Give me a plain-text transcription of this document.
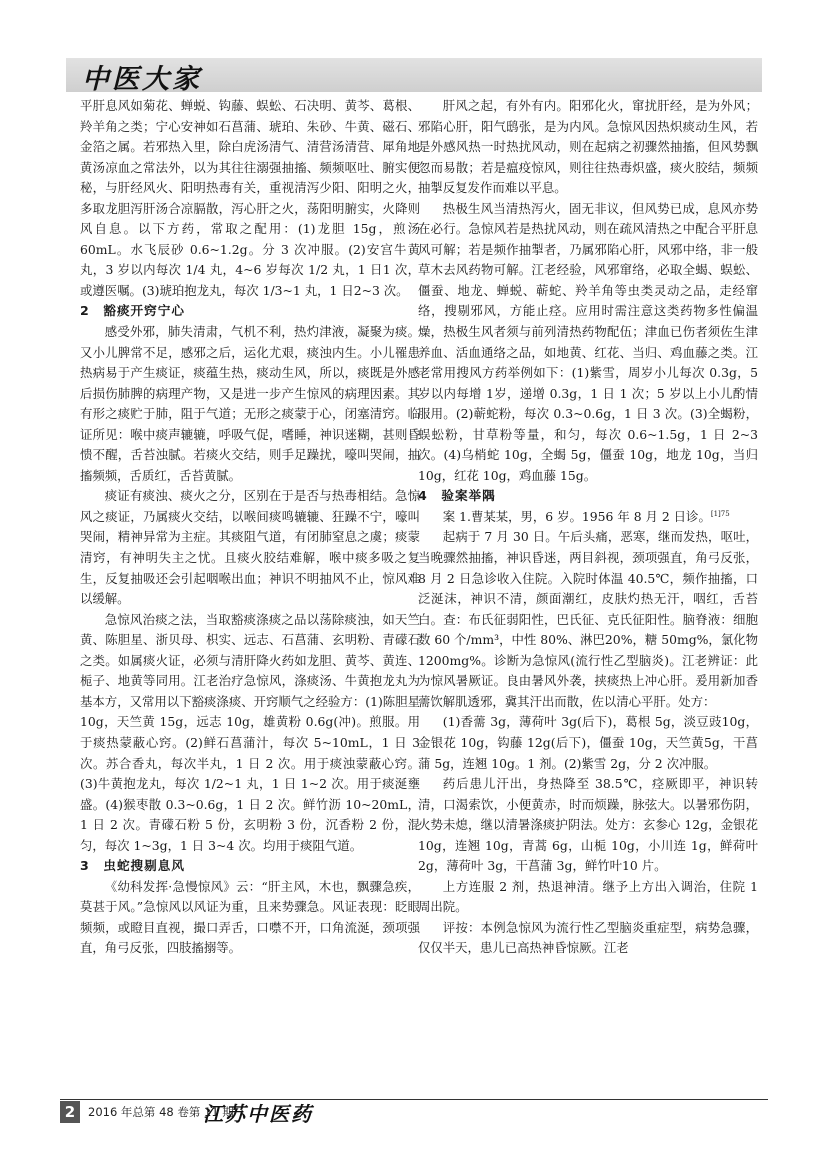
中医大家

平肝息风如菊花、蝉蜕、钩藤、蜈蚣、石决明、黄芩、葛根、羚羊角之类；宁心安神如石菖蒲、琥珀、朱砂、牛黄、磁石、金箔之属。若邪热入里，除白虎汤清气、清营汤清营、犀角地黄汤凉血之常法外，以为其往往溺强抽搐、频频呕吐、腑实便秘，与肝经风火、阳明热毒有关，重视清泻少阳、阳明之火，多取龙胆泻肝汤合凉膈散，泻心肝之火，荡阳明腑实，火降则风自息。以下方药，常取之配用：(1)龙胆 15g，煎汤60mL。水飞辰砂 0.6~1.2g。分 3 次冲服。(2)安宫牛黄丸，3 岁以内每次 1/4 丸，4~6 岁每次 1/2 丸，1 日1 次，或遵医嘱。(3)琥珀抱龙丸，每次 1/3~1 丸，1 日2~3 次。

2　豁痰开窍宁心

感受外邪，肺失清肃，气机不利，热灼津液，凝聚为痰。又小儿脾常不足，感邪之后，运化尤艰，痰浊内生。小儿罹患热病易于产生痰证，痰蕴生热，痰动生风，所以，痰既是外感后损伤肺脾的病理产物，又是进一步产生惊风的病理因素。其有形之痰贮于肺，阻于气道；无形之痰蒙于心，闭塞清窍。临证所见：喉中痰声辘辘，呼吸气促，嗜睡，神识迷糊，甚则昏愦不醒，舌苔浊腻。若痰火交结，则手足躁扰，嚎叫哭闹，抽搐频频，舌质红，舌苔黄腻。

痰证有痰浊、痰火之分，区别在于是否与热毒相结。急惊风之痰证，乃属痰火交结，以喉间痰鸣辘辘、狂躁不宁，嚎叫哭闹，精神异常为主症。其痰阻气道，有闭肺窒息之虞；痰蒙清窍，有神明失主之忧。且痰火胶结难解，喉中痰多吸之复生，反复抽吸还会引起咽喉出血；神识不明抽风不止，惊风难以缓解。

急惊风治痰之法，当取豁痰涤痰之品以荡除痰浊，如天竺黄、陈胆星、浙贝母、枳实、远志、石菖蒲、玄明粉、青礞石之类。如属痰火证，必须与清肝降火药如龙胆、黄芩、黄连、栀子、地黄等同用。江老治疗急惊风，涤痰汤、牛黄抱龙丸为基本方，又常用以下豁痰涤痰、开窍顺气之经验方：(1)陈胆星 10g，天竺黄 15g，远志 10g，雄黄粉 0.6g(冲)。煎服。用于痰热蒙蔽心窍。(2)鲜石菖蒲汁，每次 5~10mL，1 日 3 次。苏合香丸，每次半丸，1 日 2 次。用于痰浊蒙蔽心窍。(3)牛黄抱龙丸，每次 1/2~1 丸，1 日 1~2 次。用于痰涎壅盛。(4)猴枣散 0.3~0.6g，1 日 2 次。鲜竹沥 10~20mL，1 日 2 次。青礞石粉 5 份，玄明粉 3 份，沉香粉 2 份，混匀，每次 1~3g，1 日 3~4 次。均用于痰阻气道。

3　虫蛇搜剔息风

《幼科发挥·急慢惊风》云：“肝主风，木也，飘骤急疾，莫甚于风。”急惊风以风证为重，且来势骤急。风证表现：眨眼频频，或瞪目直视，撮口弄舌，口噤不开，口角流涎，颈项强直，角弓反张，四肢搐搦等。

肝风之起，有外有内。阳邪化火，窜扰肝经，是为外风；邪陷心肝，阳气鸱张，是为内风。急惊风因热炽痰动生风，若是外感风热一时热扰风动，则在起病之初骤然抽搐，但风势飘忽而易散；若是瘟疫惊风，则往往热毒炽盛，痰火胶结，频频抽掣反复发作而难以平息。

热极生风当清热泻火，固无非议，但风势已成，息风亦势在必行。急惊风若是热扰风动，则在疏风清热之中配合平肝息风可解；若是频作抽掣者，乃属邪陷心肝，风邪中络，非一般草木去风药物可解。江老经验，风邪窜络，必取全蝎、蜈蚣、僵蚕、地龙、蝉蜕、蕲蛇、羚羊角等虫类灵动之品，走经窜络，搜剔邪风，方能止痉。应用时需注意这类药物多性偏温燥，热极生风者须与前列清热药物配伍；津血已伤者须佐生津养血、活血通络之品，如地黄、红花、当归、鸡血藤之类。江老常用搜风方药举例如下：(1)紫雪，周岁小儿每次 0.3g，5 岁以内每增 1岁，递增 0.3g，1 日 1 次；5 岁以上小儿酌情服用。(2)蕲蛇粉，每次 0.3~0.6g，1 日 3 次。(3)全蝎粉，蜈蚣粉，甘草粉等量，和匀，每次 0.6~1.5g，1 日 2~3 次。(4)乌梢蛇 10g，全蝎 5g，僵蚕 10g，地龙 10g，当归 10g，红花 10g，鸡血藤 15g。

4　验案举隅

案 1.曹某某，男，6 岁。1956 年 8 月 2 日诊。$^{[1]75}$

起病于 7 月 30 日。午后头痛，恶寒，继而发热，呕吐，当晚骤然抽搐，神识昏迷，两目斜视，颈项强直，角弓反张，8 月 2 日急诊收入住院。入院时体温 40.5℃，频作抽搐，口泛涎沫，神识不清，颜面潮红，皮肤灼热无汗，咽红，舌苔白。查：布氏征弱阳性，巴氏征、克氏征阳性。脑脊液：细胞数 60 个/mm³，中性 80%、淋巴20%，糖 50mg%，氯化物 1200mg%。诊断为急惊风(流行性乙型脑炎)。江老辨证：此为惊风暑厥证。良由暑风外袭，挟痰热上冲心肝。爰用新加香薷饮解肌透邪，冀其汗出而散，佐以清心平肝。处方：

(1)香薷 3g，薄荷叶 3g(后下)，葛根 5g，淡豆豉10g，金银花 10g，钩藤 12g(后下)，僵蚕 10g，天竺黄5g，干菖蒲 5g，连翘 10g。1 剂。(2)紫雪 2g，分 2 次冲服。

药后患儿汗出，身热降至 38.5℃，痉厥即平，神识转清，口渴索饮，小便黄赤，时而烦躁，脉弦大。以暑邪伤阴，火势未熄，继以清暑涤痰护阴法。处方：玄参心 12g，金银花 10g，连翘 10g，青蒿 6g，山栀 10g，小川连 1g，鲜荷叶 2g，薄荷叶 3g，干菖蒲 3g，鲜竹叶10 片。

上方连服 2 剂，热退神清。继予上方出入调治，住院 1 周出院。

评按：本例急惊风为流行性乙型脑炎重症型，病势急骤，仅仅半天，患儿已高热神昏惊厥。江老

2	2016 年总第 48 卷第 11 期
江苏中医药
